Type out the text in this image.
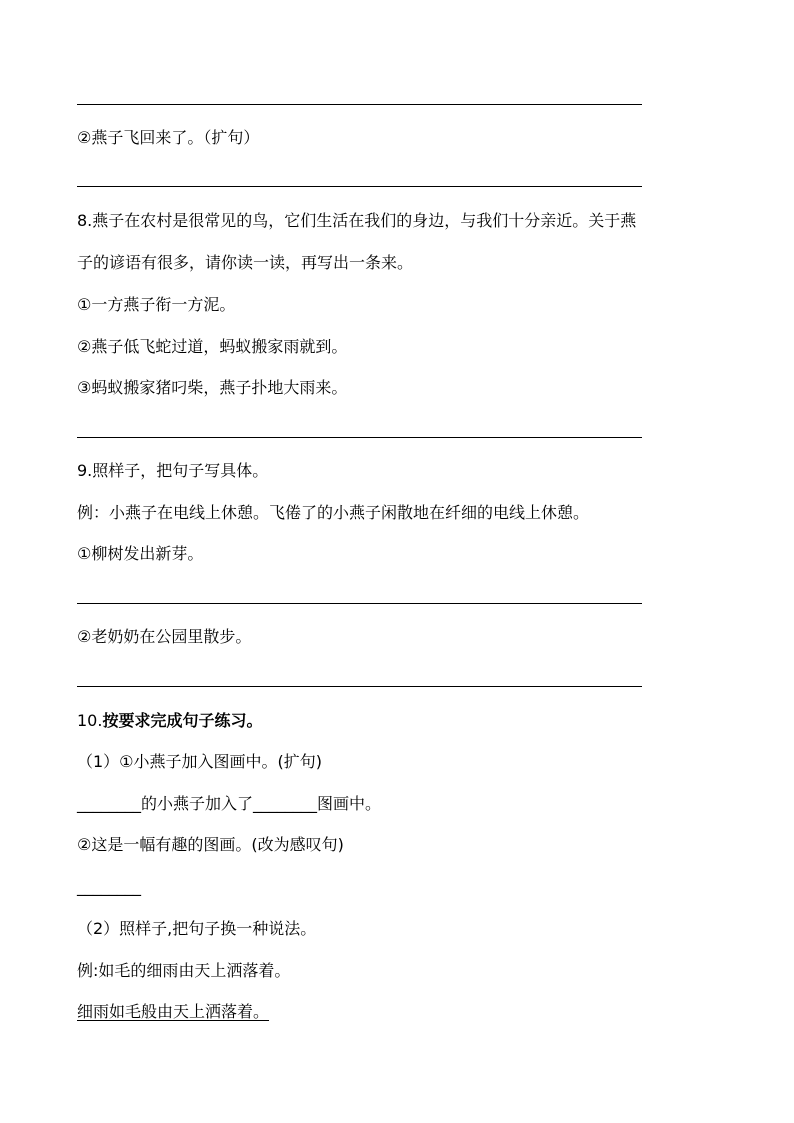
②燕子飞回来了。（扩句）
8.燕子在农村是很常见的鸟，它们生活在我们的身边，与我们十分亲近。关于燕
子的谚语有很多，请你读一读，再写出一条来。
①一方燕子衔一方泥。
②燕子低飞蛇过道，蚂蚁搬家雨就到。
③蚂蚁搬家猪叼柴，燕子扑地大雨来。
9.照样子，把句子写具体。
例：小燕子在电线上休憩。飞倦了的小燕子闲散地在纤细的电线上休憩。
①柳树发出新芽。
②老奶奶在公园里散步。
10.按要求完成句子练习。
（1）①小燕子加入图画中。(扩句)
________的小燕子加入了________图画中。
②这是一幅有趣的图画。(改为感叹句)
________
（2）照样子,把句子换一种说法。
例:如毛的细雨由天上洒落着。
细雨如毛般由天上洒落着。
